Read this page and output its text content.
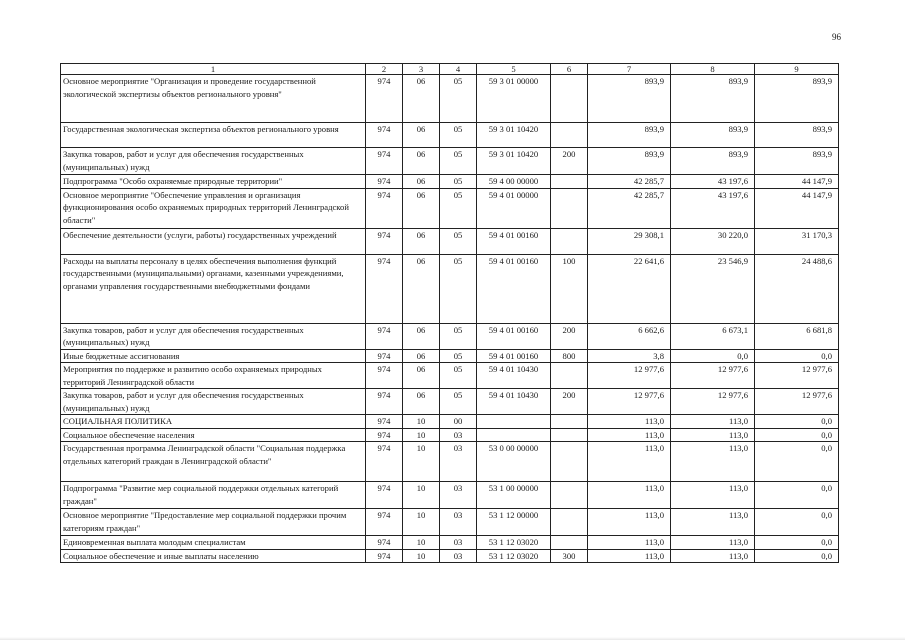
96
1	2	3	4	5	6	7	8	9
Основное мероприятие "Организация и проведение государственной экологической экспертизы объектов регионального уровня"	974	06	05	59 3 01 00000		893,9	893,9	893,9
Государственная экологическая экспертиза объектов регионального уровня	974	06	05	59 3 01 10420		893,9	893,9	893,9
Закупка товаров, работ и услуг для обеспечения государственных (муниципальных) нужд	974	06	05	59 3 01 10420	200	893,9	893,9	893,9
Подпрограмма "Особо охраняемые природные территории"	974	06	05	59 4 00 00000		42 285,7	43 197,6	44 147,9
Основное мероприятие "Обеспечение управления и организация функционирования особо охраняемых природных территорий Ленинградской области"	974	06	05	59 4 01 00000		42 285,7	43 197,6	44 147,9
Обеспечение деятельности (услуги, работы) государственных учреждений	974	06	05	59 4 01 00160		29 308,1	30 220,0	31 170,3
Расходы на выплаты персоналу в целях обеспечения выполнения функций государственными (муниципальными) органами, казенными учреждениями, органами управления государственными внебюджетными фондами	974	06	05	59 4 01 00160	100	22 641,6	23 546,9	24 488,6
Закупка товаров, работ и услуг для обеспечения государственных (муниципальных) нужд	974	06	05	59 4 01 00160	200	6 662,6	6 673,1	6 681,8
Иные бюджетные ассигнования	974	06	05	59 4 01 00160	800	3,8	0,0	0,0
Мероприятия по поддержке и развитию особо охраняемых природных территорий Ленинградской области	974	06	05	59 4 01 10430		12 977,6	12 977,6	12 977,6
Закупка товаров, работ и услуг для обеспечения государственных (муниципальных) нужд	974	06	05	59 4 01 10430	200	12 977,6	12 977,6	12 977,6
СОЦИАЛЬНАЯ ПОЛИТИКА	974	10	00			113,0	113,0	0,0
Социальное обеспечение населения	974	10	03			113,0	113,0	0,0
Государственная программа Ленинградской области "Социальная поддержка отдельных категорий граждан в Ленинградской области"	974	10	03	53 0 00 00000		113,0	113,0	0,0
Подпрограмма "Развитие мер социальной поддержки отдельных категорий граждан"	974	10	03	53 1 00 00000		113,0	113,0	0,0
Основное мероприятие "Предоставление мер социальной поддержки прочим категориям граждан"	974	10	03	53 1 12 00000		113,0	113,0	0,0
Единовременная выплата молодым специалистам	974	10	03	53 1 12 03020		113,0	113,0	0,0
Социальное обеспечение и иные выплаты населению	974	10	03	53 1 12 03020	300	113,0	113,0	0,0
